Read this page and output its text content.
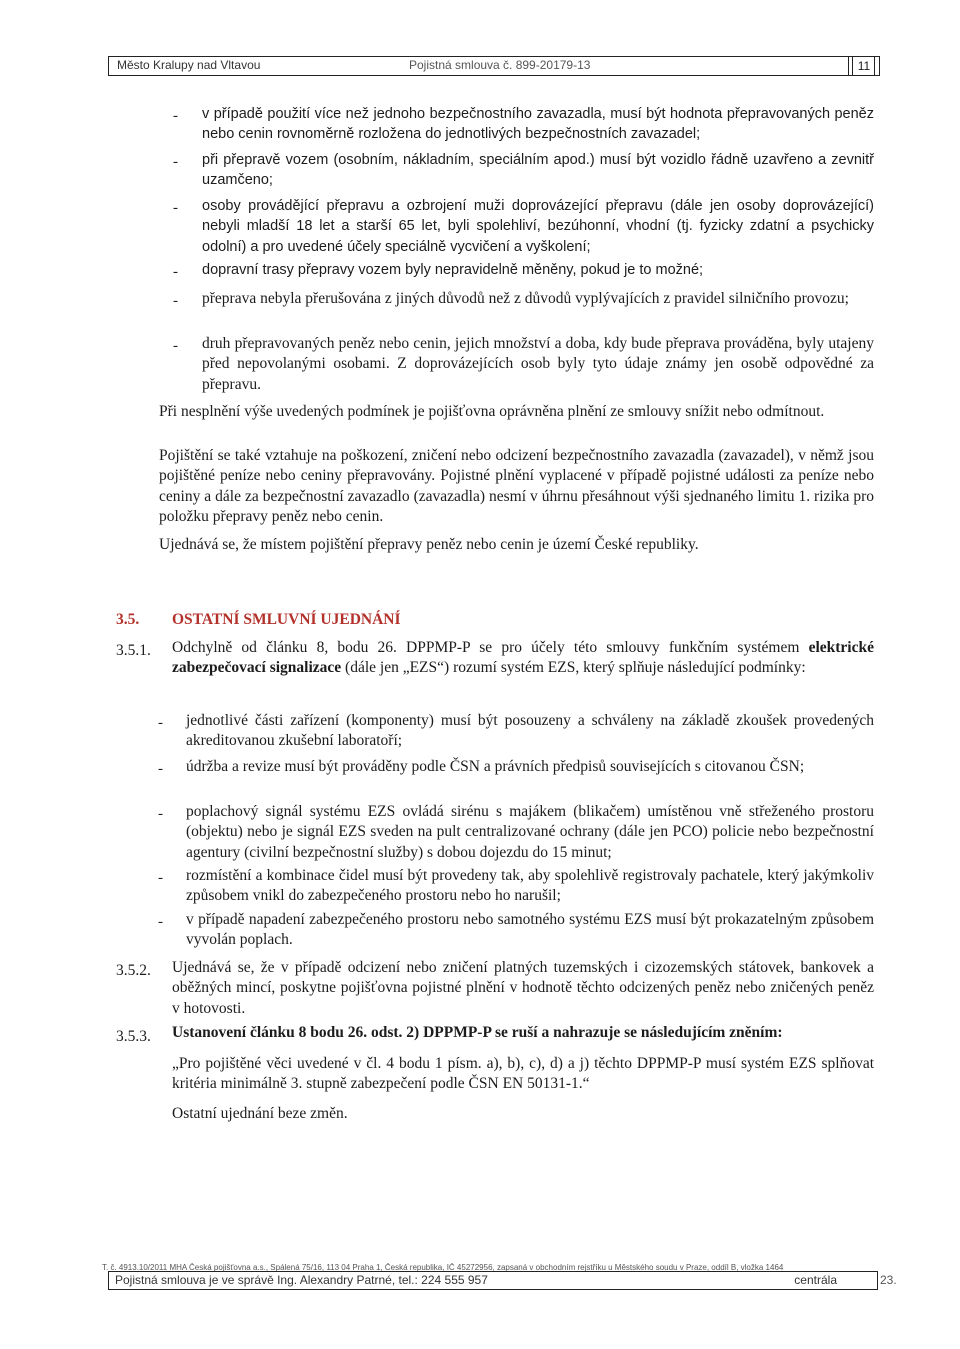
Město Kralupy nad Vltavou	Pojistná smlouva č. 899-20179-13	11
- v případě použití více než jednoho bezpečnostního zavazadla, musí být hodnota přepravovaných peněz nebo cenin rovnoměrně rozložena do jednotlivých bezpečnostních zavazadel;
- při přepravě vozem (osobním, nákladním, speciálním apod.) musí být vozidlo řádně uzavřeno a zevnitř uzamčeno;
- osoby provádějící přepravu a ozbrojení muži doprovázející přepravu (dále jen osoby doprovázející) nebyli mladší 18 let a starší 65 let, byli spolehliví, bezúhonní, vhodní (tj. fyzicky zdatní a psychicky odolní) a pro uvedené účely speciálně vycvičení a vyškolení;
- dopravní trasy přepravy vozem byly nepravidelně měněny, pokud je to možné;
- přeprava nebyla přerušována z jiných důvodů než z důvodů vyplývajících z pravidel silničního provozu;
- druh přepravovaných peněz nebo cenin, jejich množství a doba, kdy bude přeprava prováděna, byly utajeny před nepovolanými osobami. Z doprovázejících osob byly tyto údaje známy jen osobě odpovědné za přepravu.
Při nesplnění výše uvedených podmínek je pojišťovna oprávněna plnění ze smlouvy snížit nebo odmítnout.
Pojištění se také vztahuje na poškození, zničení nebo odcizení bezpečnostního zavazadla (zavazadel), v němž jsou pojištěné peníze nebo ceniny přepravovány. Pojistné plnění vyplacené v případě pojistné události za peníze nebo ceniny a dále za bezpečnostní zavazadlo (zavazadla) nesmí v úhrnu přesáhnout výši sjednaného limitu 1. rizika pro položku přepravy peněz nebo cenin.
Ujednává se, že místem pojištění přepravy peněz nebo cenin je území České republiky.
3.5. OSTATNÍ SMLUVNÍ UJEDNÁNÍ
3.5.1. Odchylně od článku 8, bodu 26. DPPMP-P se pro účely této smlouvy funkčním systémem elektrické zabezpečovací signalizace (dále jen „EZS“) rozumí systém EZS, který splňuje následující podmínky:
- jednotlivé části zařízení (komponenty) musí být posouzeny a schváleny na základě zkoušek provedených akreditovanou zkušební laboratoří;
- údržba a revize musí být prováděny podle ČSN a právních předpisů souvisejících s citovanou ČSN;
- poplachový signál systému EZS ovládá sirénu s majákem (blikačem) umístěnou vně střeženého prostoru (objektu) nebo je signál EZS sveden na pult centralizované ochrany (dále jen PCO) policie nebo bezpečnostní agentury (civilní bezpečnostní služby) s dobou dojezdu do 15 minut;
- rozmístění a kombinace čidel musí být provedeny tak, aby spolehlivě registrovaly pachatele, který jakýmkoliv způsobem vnikl do zabezpečeného prostoru nebo ho narušil;
- v případě napadení zabezpečeného prostoru nebo samotného systému EZS musí být prokazatelným způsobem vyvolán poplach.
3.5.2. Ujednává se, že v případě odcizení nebo zničení platných tuzemských i cizozemských státovek, bankovek a oběžných mincí, poskytne pojišťovna pojistné plnění v hodnotě těchto odcizených peněz nebo zničených peněz v hotovosti.
3.5.3. Ustanovení článku 8 bodu 26. odst. 2) DPPMP-P se ruší a nahrazuje se následujícím zněním:
„Pro pojištěné věci uvedené v čl. 4 bodu 1 písm. a), b), c), d) a j) těchto DPPMP-P musí systém EZS splňovat kritéria minimálně 3. stupně zabezpečení podle ČSN EN 50131-1.“
Ostatní ujednání beze změn.
T. č. 4913.10/2011 MHA Česká pojišťovna a.s., Spálená 75/16, 113 04 Praha 1, Česká republika, IČ 45272956, zapsaná v obchodním rejstříku u Městského soudu v Praze, oddíl B, vložka 1464
Pojistná smlouva je ve správě Ing. Alexandry Patrné, tel.: 224 555 957	centrála	23.
